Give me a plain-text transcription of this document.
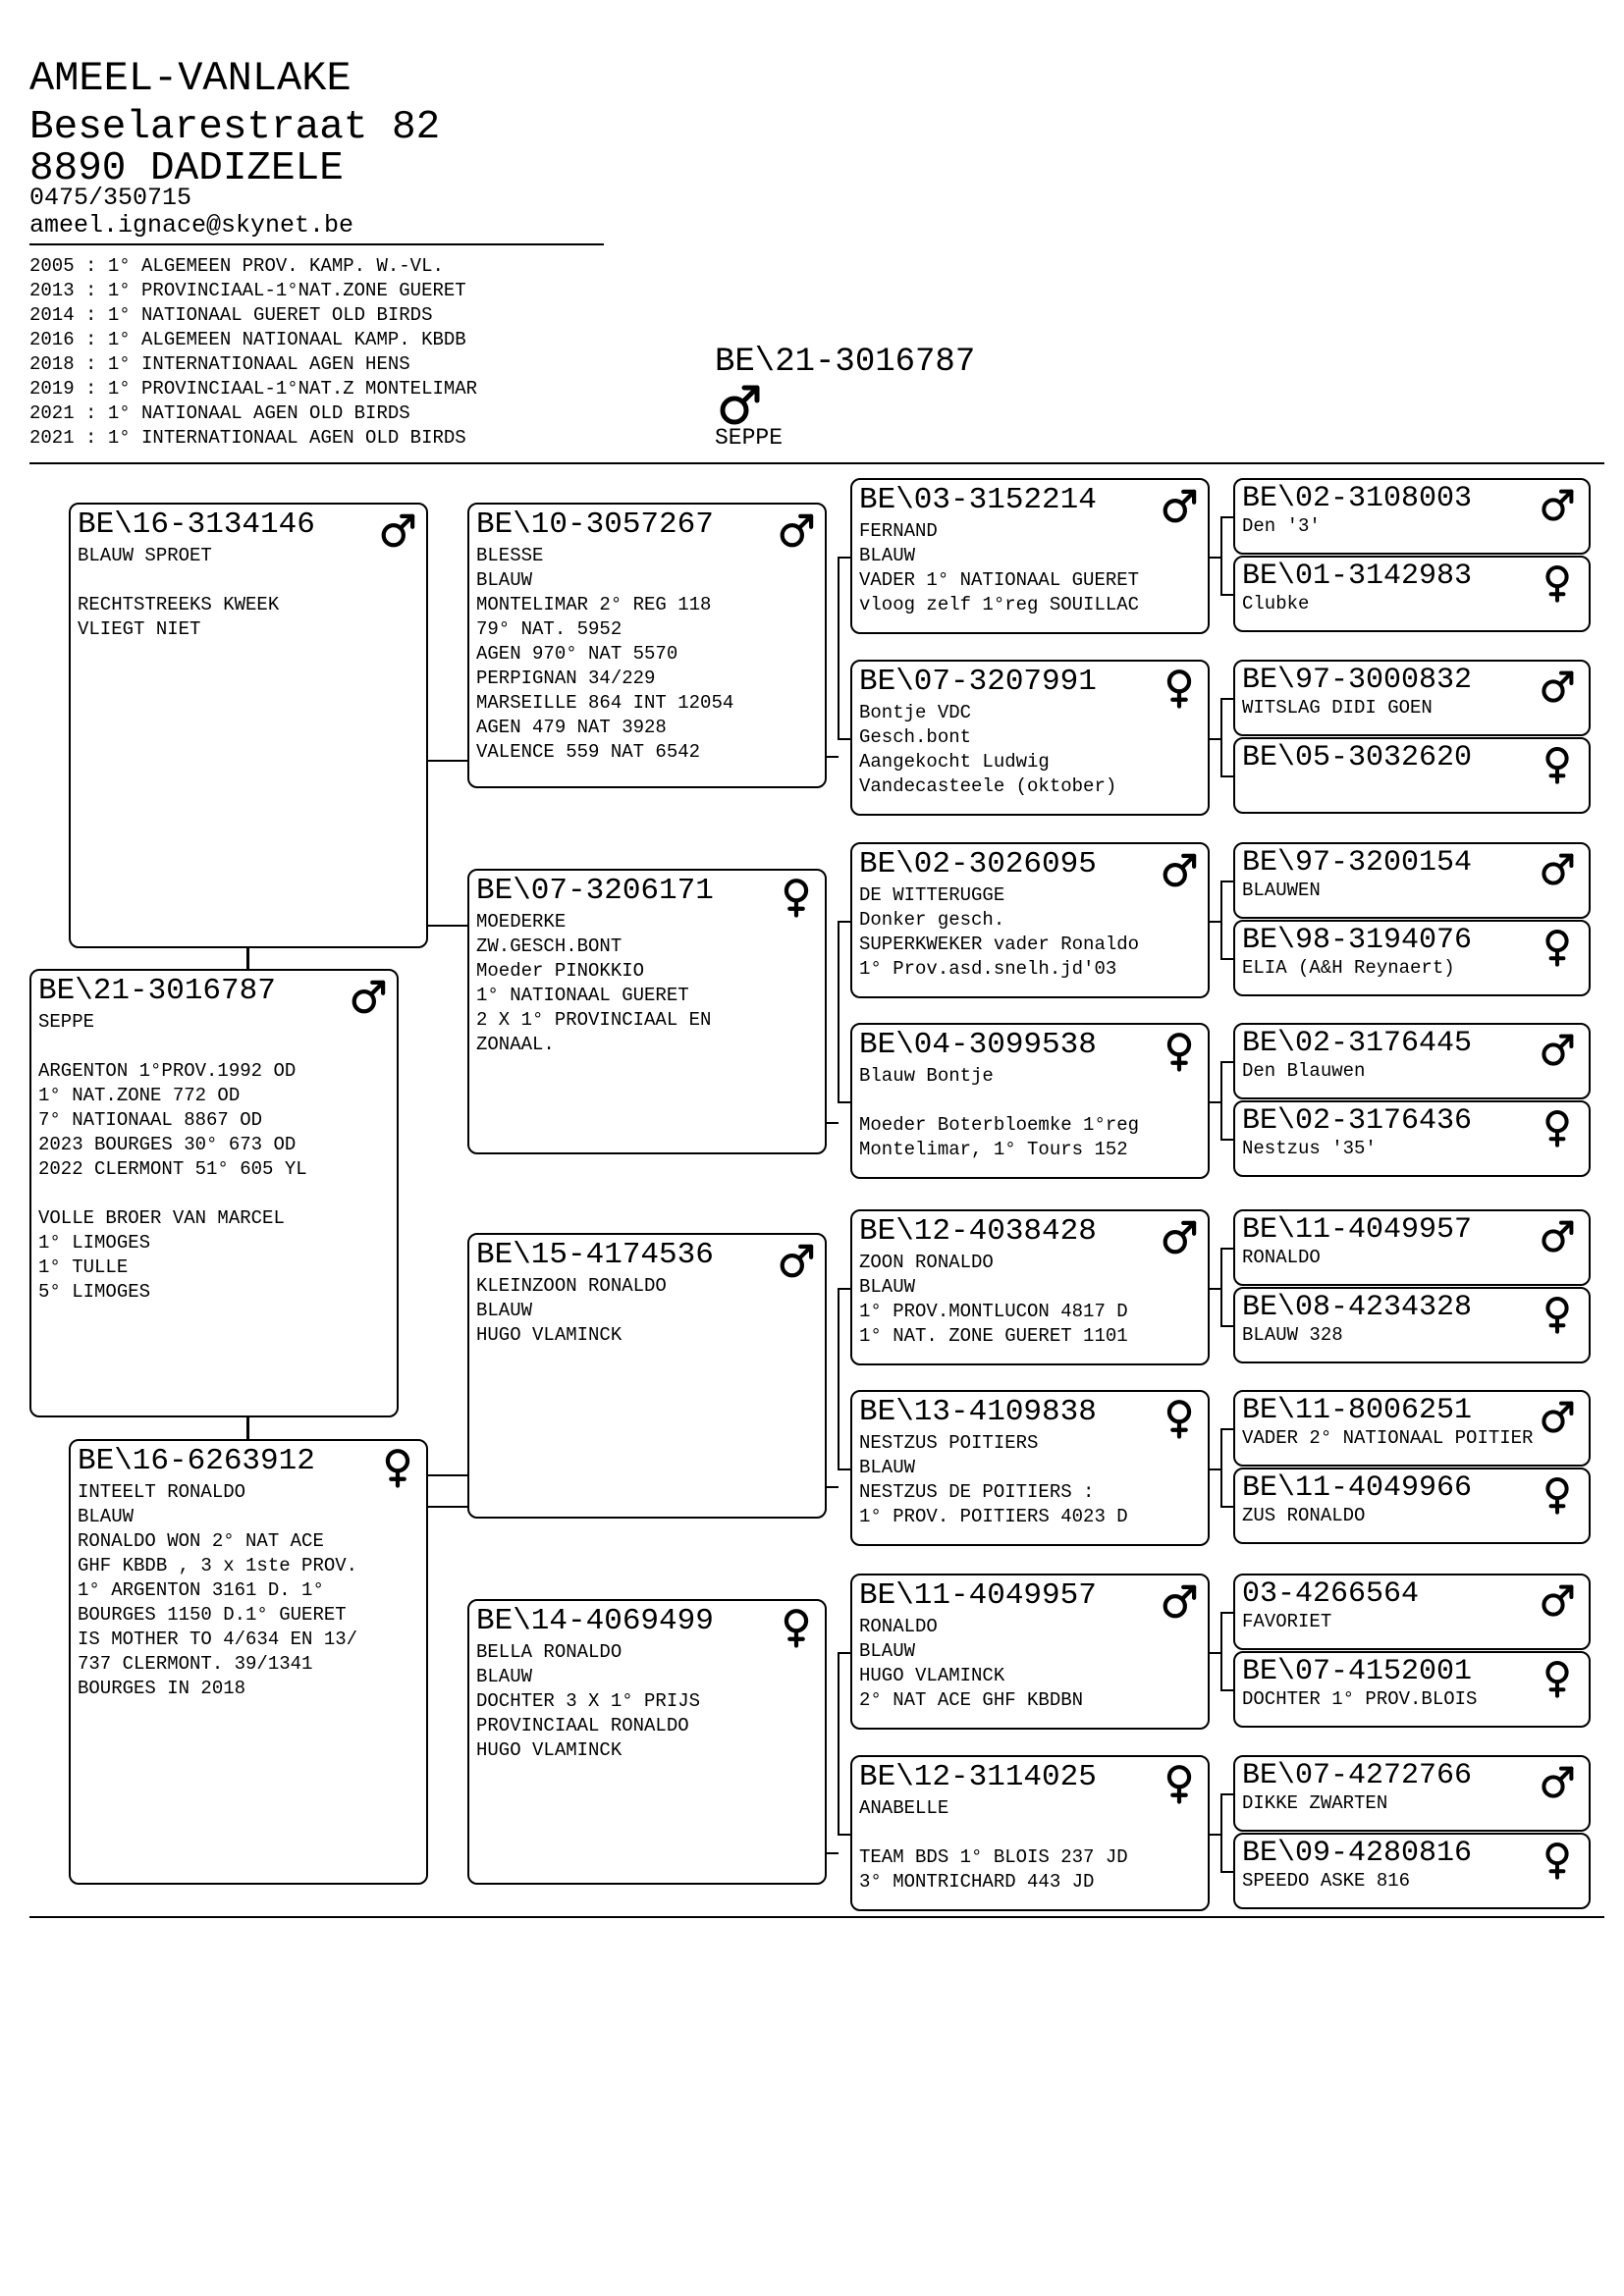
AMEEL-VANLAKE
Beselarestraat 82
8890 DADIZELE
0475/350715
ameel.ignace@skynet.be
2005 : 1° ALGEMEEN PROV. KAMP. W.-VL.
2013 : 1° PROVINCIAAL-1°NAT.ZONE GUERET
2014 : 1° NATIONAAL GUERET OLD BIRDS
2016 : 1° ALGEMEEN NATIONAAL KAMP. KBDB
2018 : 1° INTERNATIONAAL AGEN HENS
2019 : 1° PROVINCIAAL-1°NAT.Z MONTELIMAR
2021 : 1° NATIONAAL AGEN OLD BIRDS
2021 : 1° INTERNATIONAAL AGEN OLD BIRDS
BE\21-3016787
SEPPE
BE\16-3134146
BLAUW SPROET

RECHTSTREEKS KWEEK
VLIEGT NIET
BE\21-3016787
SEPPE

ARGENTON 1°PROV.1992 OD
1° NAT.ZONE 772 OD
7° NATIONAAL 8867 OD
2023 BOURGES 30° 673 OD
2022 CLERMONT 51° 605 YL

VOLLE BROER VAN MARCEL
1° LIMOGES
1° TULLE
5° LIMOGES
BE\16-6263912
INTEELT RONALDO
BLAUW
RONALDO WON 2° NAT ACE
GHF KBDB , 3 x 1ste PROV.
1° ARGENTON 3161 D. 1°
BOURGES 1150 D.1° GUERET
IS MOTHER TO 4/634 EN 13/
737 CLERMONT. 39/1341
BOURGES IN 2018
BE\10-3057267
BLESSE
BLAUW
MONTELIMAR 2° REG 118
79° NAT. 5952
AGEN 970° NAT 5570
PERPIGNAN 34/229
MARSEILLE 864 INT 12054
AGEN 479 NAT 3928
VALENCE 559 NAT 6542
BE\07-3206171
MOEDERKE
ZW.GESCH.BONT
Moeder PINOKKIO
1° NATIONAAL GUERET
2 X 1° PROVINCIAAL EN
ZONAAL.
BE\15-4174536
KLEINZOON RONALDO
BLAUW
HUGO VLAMINCK
BE\14-4069499
BELLA RONALDO
BLAUW
DOCHTER 3 X 1° PRIJS
PROVINCIAAL RONALDO
HUGO VLAMINCK
BE\03-3152214
FERNAND
BLAUW
VADER 1° NATIONAAL GUERET
vloog zelf 1°reg SOUILLAC
BE\07-3207991
Bontje VDC
Gesch.bont
Aangekocht Ludwig
Vandecasteele (oktober)
BE\02-3026095
DE WITTERUGGE
Donker gesch.
SUPERKWEKER vader Ronaldo
1° Prov.asd.snelh.jd'03
BE\04-3099538
Blauw Bontje

Moeder Boterbloemke 1°reg
Montelimar, 1° Tours 152
BE\12-4038428
ZOON RONALDO
BLAUW
1° PROV.MONTLUCON 4817 D
1° NAT. ZONE GUERET 1101
BE\13-4109838
NESTZUS POITIERS
BLAUW
NESTZUS DE POITIERS :
1° PROV. POITIERS 4023 D
BE\11-4049957
RONALDO
BLAUW
HUGO VLAMINCK
2° NAT ACE GHF KBDBN
BE\12-3114025
ANABELLE

TEAM BDS 1° BLOIS 237 JD
3° MONTRICHARD 443 JD
BE\02-3108003
Den '3'
BE\01-3142983
Clubke
BE\97-3000832
WITSLAG DIDI GOEN
BE\05-3032620
BE\97-3200154
BLAUWEN
BE\98-3194076
ELIA (A&H Reynaert)
BE\02-3176445
Den Blauwen
BE\02-3176436
Nestzus '35'
BE\11-4049957
RONALDO
BE\08-4234328
BLAUW 328
BE\11-8006251
VADER 2° NATIONAAL POITIER
BE\11-4049966
ZUS RONALDO
03-4266564
FAVORIET
BE\07-4152001
DOCHTER 1° PROV.BLOIS
BE\07-4272766
DIKKE ZWARTEN
BE\09-4280816
SPEEDO ASKE 816
